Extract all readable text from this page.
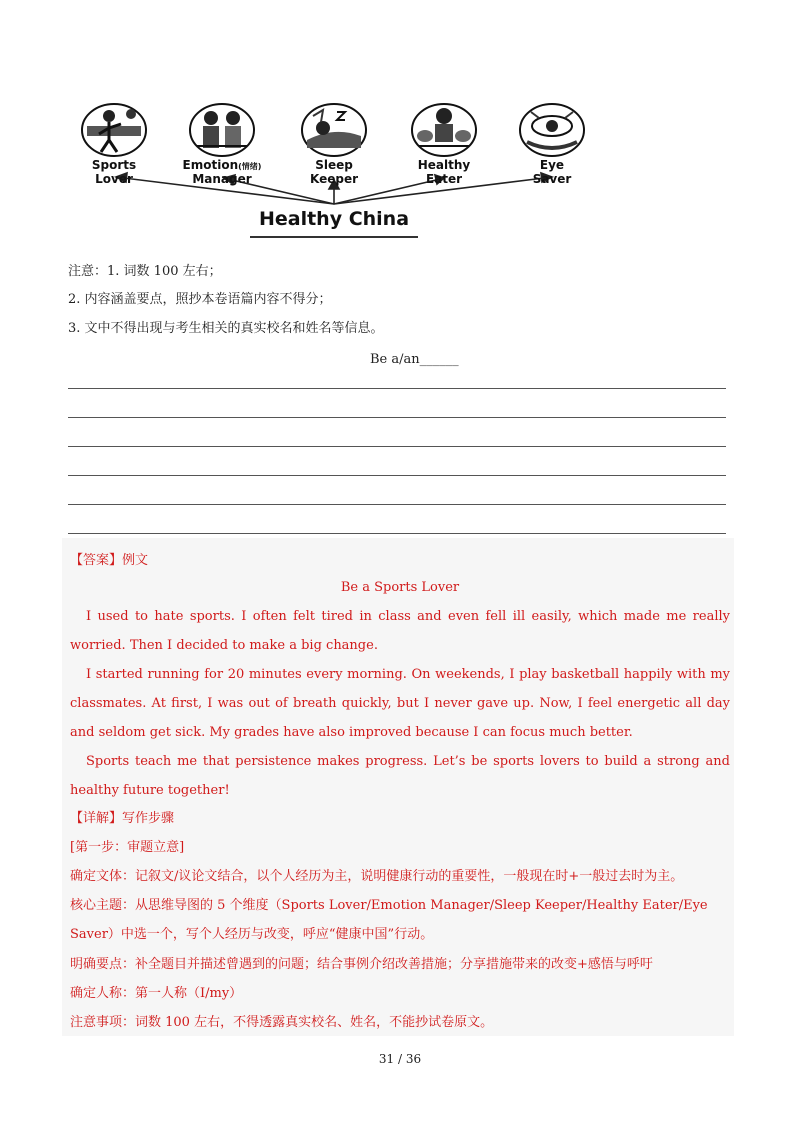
Sports
Lover
Emotion(情绪)
Manager
Sleep
Keeper
Healthy
Eater
Eye
Saver
Healthy China
注意：1. 词数 100 左右；
2. 内容涵盖要点，照抄本卷语篇内容不得分；
3. 文中不得出现与考生相关的真实校名和姓名等信息。
Be a/an______
【答案】例文
Be a Sports Lover
I used to hate sports. I often felt tired in class and even fell ill easily, which made me really worried. Then I decided to make a big change.
I started running for 20 minutes every morning. On weekends, I play basketball happily with my classmates. At first, I was out of breath quickly, but I never gave up. Now, I feel energetic all day and seldom get sick. My grades have also improved because I can focus much better.
Sports teach me that persistence makes progress. Let’s be sports lovers to build a strong and healthy future together!
【详解】写作步骤
[第一步：审题立意]
确定文体：记叙文/议论文结合，以个人经历为主，说明健康行动的重要性，一般现在时+一般过去时为主。
核心主题：从思维导图的 5 个维度（Sports Lover/Emotion Manager/Sleep Keeper/Healthy Eater/Eye Saver）中选一个，写个人经历与改变，呼应“健康中国”行动。
明确要点：补全题目并描述曾遇到的问题；结合事例介绍改善措施；分享措施带来的改变+感悟与呼吁
确定人称：第一人称（I/my）
注意事项：词数 100 左右，不得透露真实校名、姓名，不能抄试卷原文。
31 / 36
